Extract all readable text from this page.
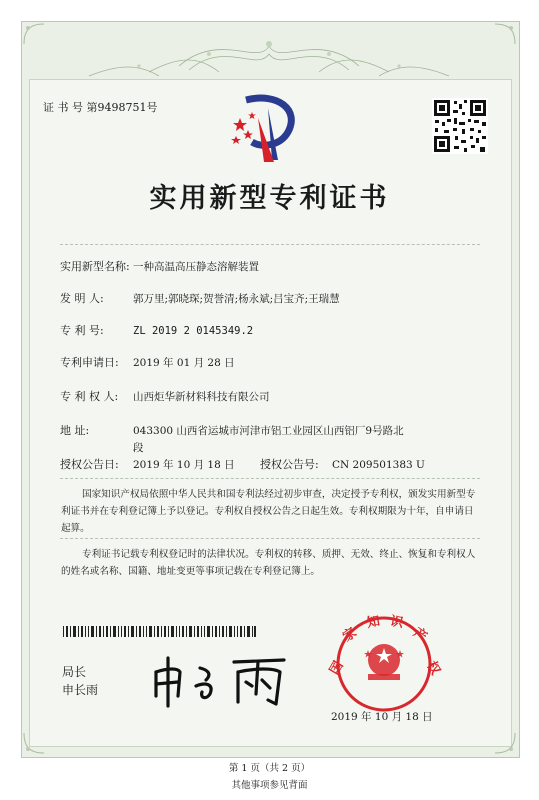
证 书 号 第9498751号
实用新型专利证书
实用新型名称: 一种高温高压静态溶解装置
发 明 人:	郭万里;郭晓琛;贺誉清;杨永斌;吕宝齐;王瑞慧
专 利 号:	ZL 2019 2 0145349.2
专利申请日: 2019 年 01 月 28 日
专 利 权 人: 山西炬华新材料科技有限公司
地 址:	043300 山西省运城市河津市铝工业园区山西铝厂9号路北
段
授权公告日: 2019 年 10 月 18 日 授权公告号: CN 209501383 U
国家知识产权局依照中华人民共和国专利法经过初步审查，决定授予专利权，颁发实用新型专利证书并在专利登记簿上予以登记。专利权自授权公告之日起生效。专利权期限为十年，自申请日起算。
专利证书记载专利权登记时的法律状况。专利权的转移、质押、无效、终止、恢复和专利权人的姓名或名称、国籍、地址变更等事项记载在专利登记簿上。
局长
申长雨
国
家
知 识
产
权
2019 年 10 月 18 日
第 1 页（共 2 页）
其他事项参见背面
